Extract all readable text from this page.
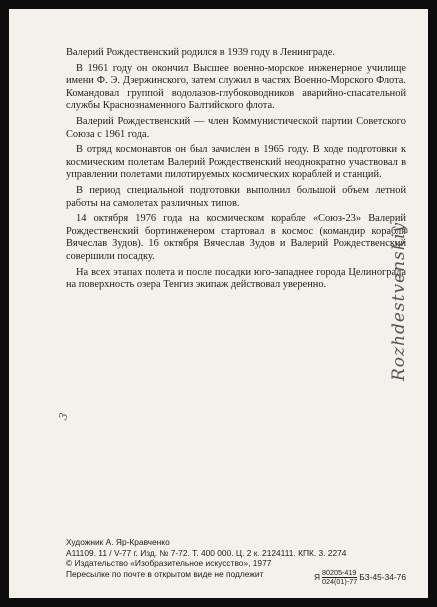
Валерий Рождественский родился в 1939 году в Ленинграде.

В 1961 году он окончил Высшее военно-морское инженерное училище имени Ф. Э. Дзержинского, затем служил в частях Военно-Морского Флота. Командовал группой водолазов-глубоководников аварийно-спасательной службы Краснознаменного Балтийского флота.

Валерий Рождественский — член Коммунистической партии Советского Союза с 1961 года.

В отряд космонавтов он был зачислен в 1965 году. В ходе подготовки к космическим полетам Валерий Рождественский неоднократно участвовал в управлении полетами пилотируемых космических кораблей и станций.

В период специальной подготовки выполнил большой объем летной работы на самолетах различных типов.

14 октября 1976 года на космическом корабле «Союз-23» Валерий Рождественский бортинженером стартовал в космос (командир корабля Вячеслав Зудов). 16 октября Вячеслав Зудов и Валерий Рождественский совершили посадку.

На всех этапах полета и после посадки юго-западнее города Целинограда на поверхность озера Тенгиз экипаж действовал уверенно.	Rozhdestvenskiy
3
Художник А. Яр-Кравченко
А11109. 11 / V-77 г. Изд. № 7-72. Т. 400 000. Ц. 2 к. 2124111. КПК. 3. 2274
© Издательство «Изобразительное искусство», 1977
Пересылке по почте в открытом виде не подлежит	Я $\frac{80205-419}{024(01)-77} БЗ-45-34-76$
